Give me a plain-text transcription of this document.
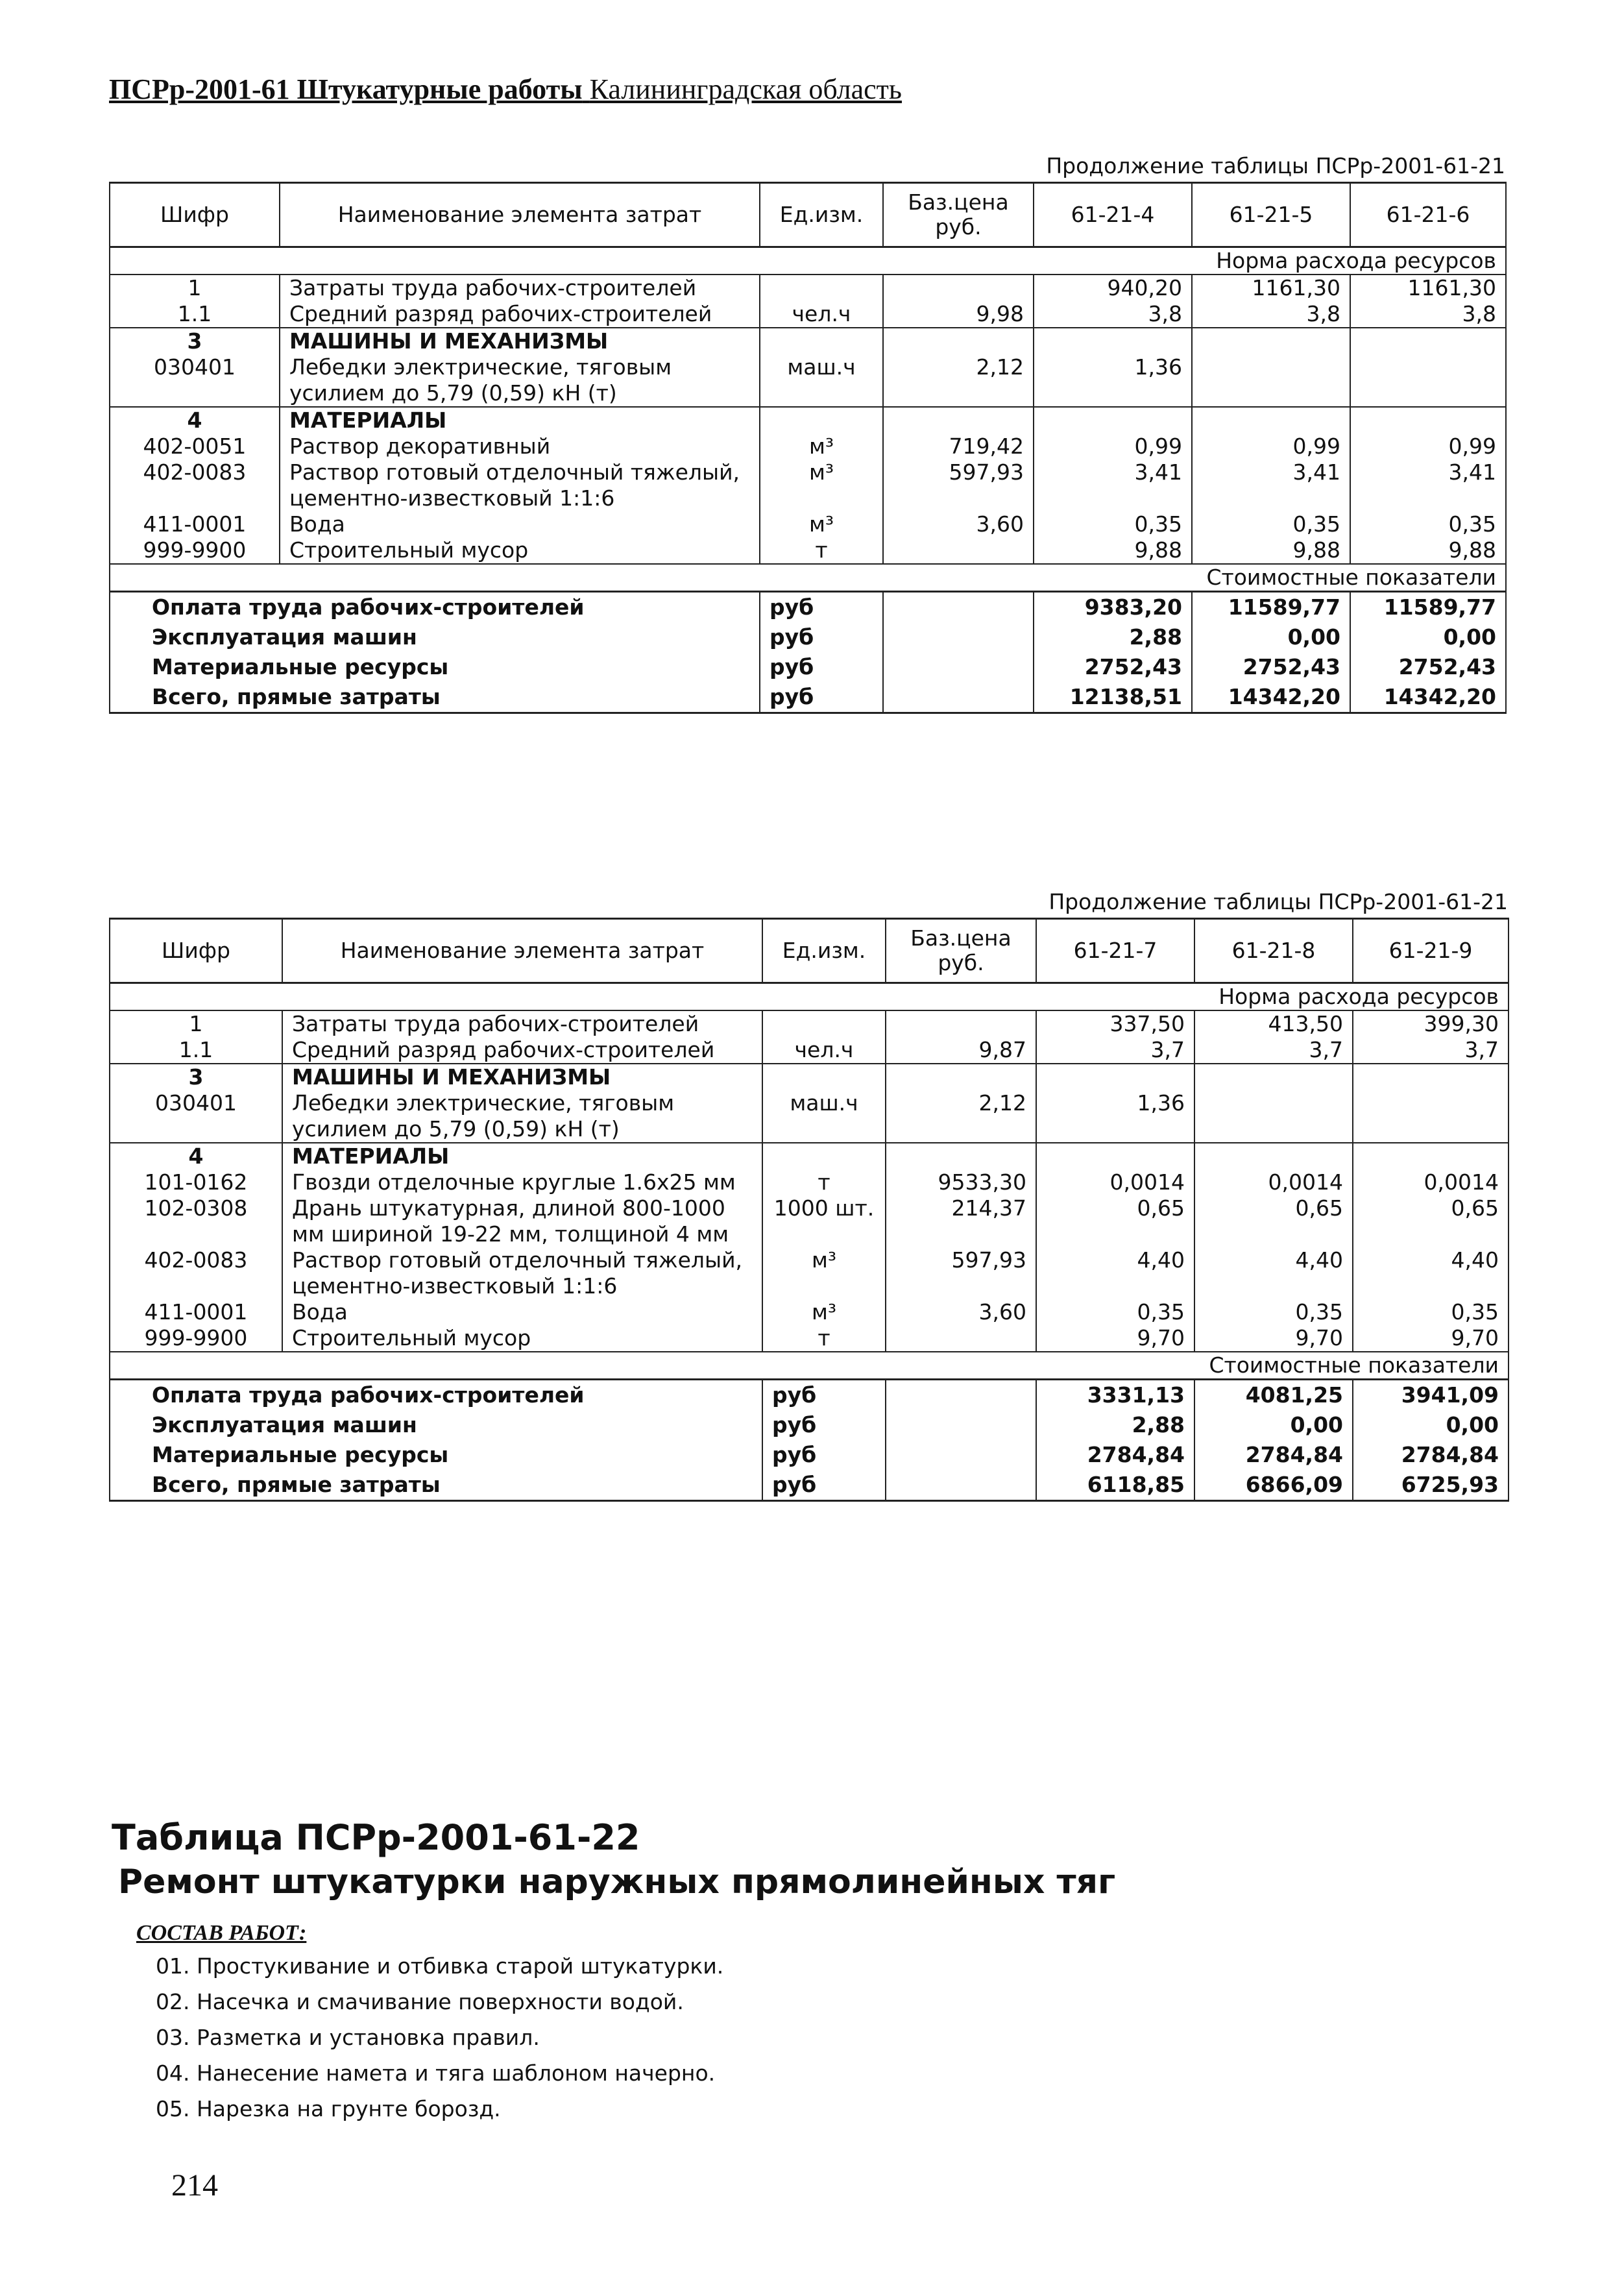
ПСРр-2001-61 Штукатурные работы Калининградская область
Продолжение таблицы ПСРр-2001-61-21
Шифр	Наименование элемента затрат	Ед.изм.	Баз.цена руб.	61-21-4	61-21-5	61-21-6
Норма расхода ресурсов						
1	Затраты труда рабочих-строителей			940,20	1161,30	1161,30
1.1	Средний разряд рабочих-строителей	чел.ч	9,98	3,8	3,8	3,8
3	МАШИНЫ И МЕХАНИЗМЫ					
030401	Лебедки электрические, тяговым усилием до 5,79 (0,59) кН (т)	маш.ч	2,12	1,36		
4	МАТЕРИАЛЫ					
402-0051	Раствор декоративный	м³	719,42	0,99	0,99	0,99
402-0083	Раствор готовый отделочный тяжелый, цементно-известковый 1:1:6	м³	597,93	3,41	3,41	3,41
411-0001	Вода	м³	3,60	0,35	0,35	0,35
999-9900	Строительный мусор	т		9,88	9,88	9,88
Стоимостные показатели						
Оплата труда рабочих-строителей		руб		9383,20	11589,77	11589,77
Эксплуатация машин		руб		2,88	0,00	0,00
Материальные ресурсы		руб		2752,43	2752,43	2752,43
Всего, прямые затраты		руб		12138,51	14342,20	14342,20
Продолжение таблицы ПСРр-2001-61-21
Шифр	Наименование элемента затрат	Ед.изм.	Баз.цена руб.	61-21-7	61-21-8	61-21-9
Норма расхода ресурсов						
1	Затраты труда рабочих-строителей			337,50	413,50	399,30
1.1	Средний разряд рабочих-строителей	чел.ч	9,87	3,7	3,7	3,7
3	МАШИНЫ И МЕХАНИЗМЫ					
030401	Лебедки электрические, тяговым усилием до 5,79 (0,59) кН (т)	маш.ч	2,12	1,36		
4	МАТЕРИАЛЫ					
101-0162	Гвозди отделочные круглые 1.6х25 мм	т	9533,30	0,0014	0,0014	0,0014
102-0308	Дрань штукатурная, длиной 800-1000 мм шириной 19-22 мм, толщиной 4 мм	1000 шт.	214,37	0,65	0,65	0,65
402-0083	Раствор готовый отделочный тяжелый, цементно-известковый 1:1:6	м³	597,93	4,40	4,40	4,40
411-0001	Вода	м³	3,60	0,35	0,35	0,35
999-9900	Строительный мусор	т		9,70	9,70	9,70
Стоимостные показатели						
Оплата труда рабочих-строителей		руб		3331,13	4081,25	3941,09
Эксплуатация машин		руб		2,88	0,00	0,00
Материальные ресурсы		руб		2784,84	2784,84	2784,84
Всего, прямые затраты		руб		6118,85	6866,09	6725,93
Таблица ПСРр-2001-61-22
Ремонт штукатурки наружных прямолинейных тяг
СОСТАВ РАБОТ:
01. Простукивание и отбивка старой штукатурки.
02. Насечка и смачивание поверхности водой.
03. Разметка и установка правил.
04. Нанесение намета и тяга шаблоном начерно.
05. Нарезка на грунте борозд.
214
